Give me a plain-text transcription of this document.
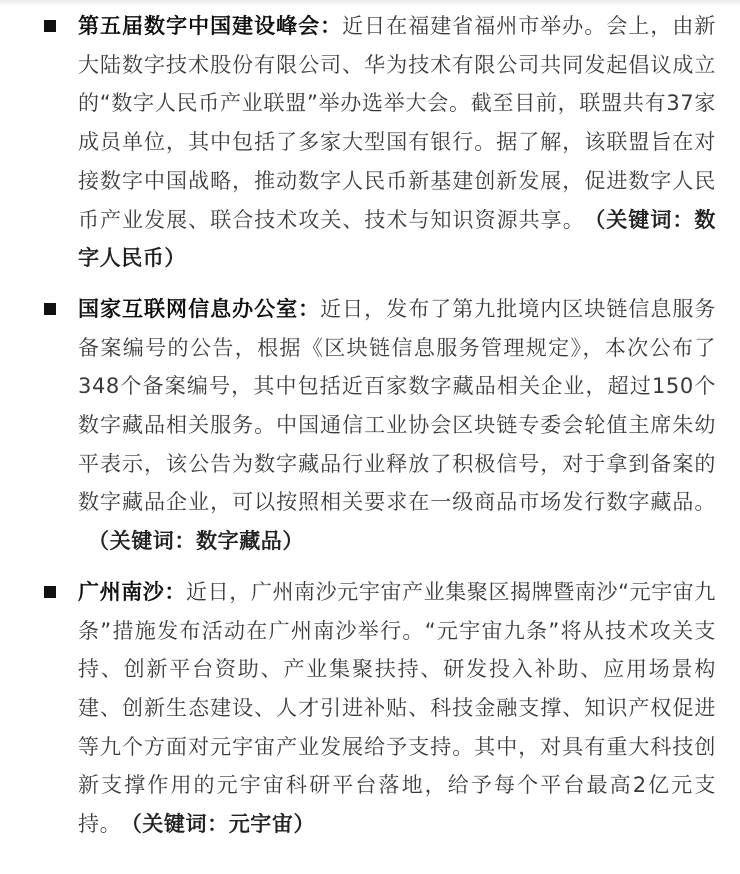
第五届数字中国建设峰会：近日在福建省福州市举办。会上，由新大陆数字技术股份有限公司、华为技术有限公司共同发起倡议成立的“数字人民币产业联盟”举办选举大会。截至目前，联盟共有37家成员单位，其中包括了多家大型国有银行。据了解，该联盟旨在对接数字中国战略，推动数字人民币新基建创新发展，促进数字人民币产业发展、联合技术攻关、技术与知识资源共享。 （关键词：数字人民币）

国家互联网信息办公室：近日，发布了第九批境内区块链信息服务备案编号的公告，根据《区块链信息服务管理规定》，本次公布了348个备案编号，其中包括近百家数字藏品相关企业，超过150个数字藏品相关服务。中国通信工业协会区块链专委会轮值主席朱幼平表示，该公告为数字藏品行业释放了积极信号，对于拿到备案的数字藏品企业，可以按照相关要求在一级商品市场发行数字藏品。（关键词：数字藏品）

广州南沙：近日，广州南沙元宇宙产业集聚区揭牌暨南沙“元宇宙九条”措施发布活动在广州南沙举行。“元宇宙九条”将从技术攻关支持、创新平台资助、产业集聚扶持、研发投入补助、应用场景构建、创新生态建设、人才引进补贴、科技金融支撑、知识产权促进等九个方面对元宇宙产业发展给予支持。其中，对具有重大科技创新支撑作用的元宇宙科研平台落地，给予每个平台最高2亿元支持。 （关键词：元宇宙）
